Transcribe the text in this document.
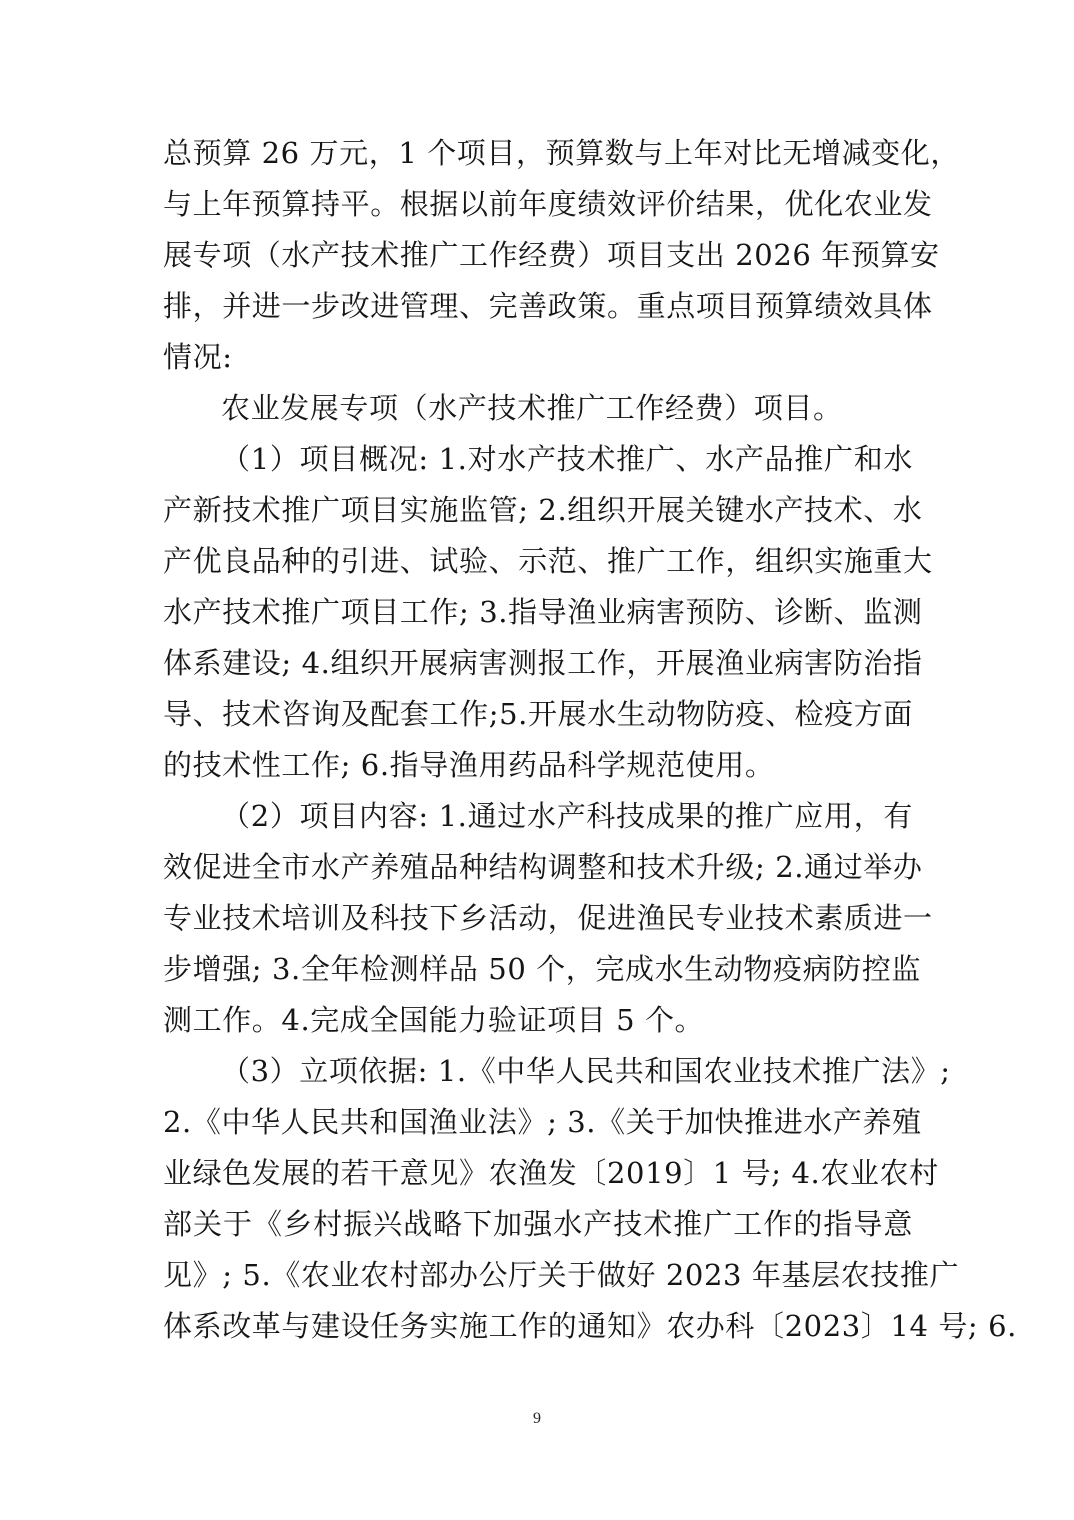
总预算 26 万元，1 个项目，预算数与上年对比无增减变化，
与上年预算持平。根据以前年度绩效评价结果，优化农业发
展专项（水产技术推广工作经费）项目支出 2026 年预算安
排，并进一步改进管理、完善政策。重点项目预算绩效具体
情况:
农业发展专项（水产技术推广工作经费）项目。
（1）项目概况: 1.对水产技术推广、水产品推广和水
产新技术推广项目实施监管; 2.组织开展关键水产技术、水
产优良品种的引进、试验、示范、推广工作，组织实施重大
水产技术推广项目工作; 3.指导渔业病害预防、诊断、监测
体系建设; 4.组织开展病害测报工作，开展渔业病害防治指
导、技术咨询及配套工作;5.开展水生动物防疫、检疫方面
的技术性工作; 6.指导渔用药品科学规范使用。
（2）项目内容: 1.通过水产科技成果的推广应用，有
效促进全市水产养殖品种结构调整和技术升级; 2.通过举办
专业技术培训及科技下乡活动，促进渔民专业技术素质进一
步增强; 3.全年检测样品 50 个，完成水生动物疫病防控监
测工作。4.完成全国能力验证项目 5 个。
（3）立项依据: 1.《中华人民共和国农业技术推广法》;
2.《中华人民共和国渔业法》; 3.《关于加快推进水产养殖
业绿色发展的若干意见》农渔发〔2019〕1 号; 4.农业农村
部关于《乡村振兴战略下加强水产技术推广工作的指导意
见》; 5.《农业农村部办公厅关于做好 2023 年基层农技推广
体系改革与建设任务实施工作的通知》农办科〔2023〕14 号; 6.
9
